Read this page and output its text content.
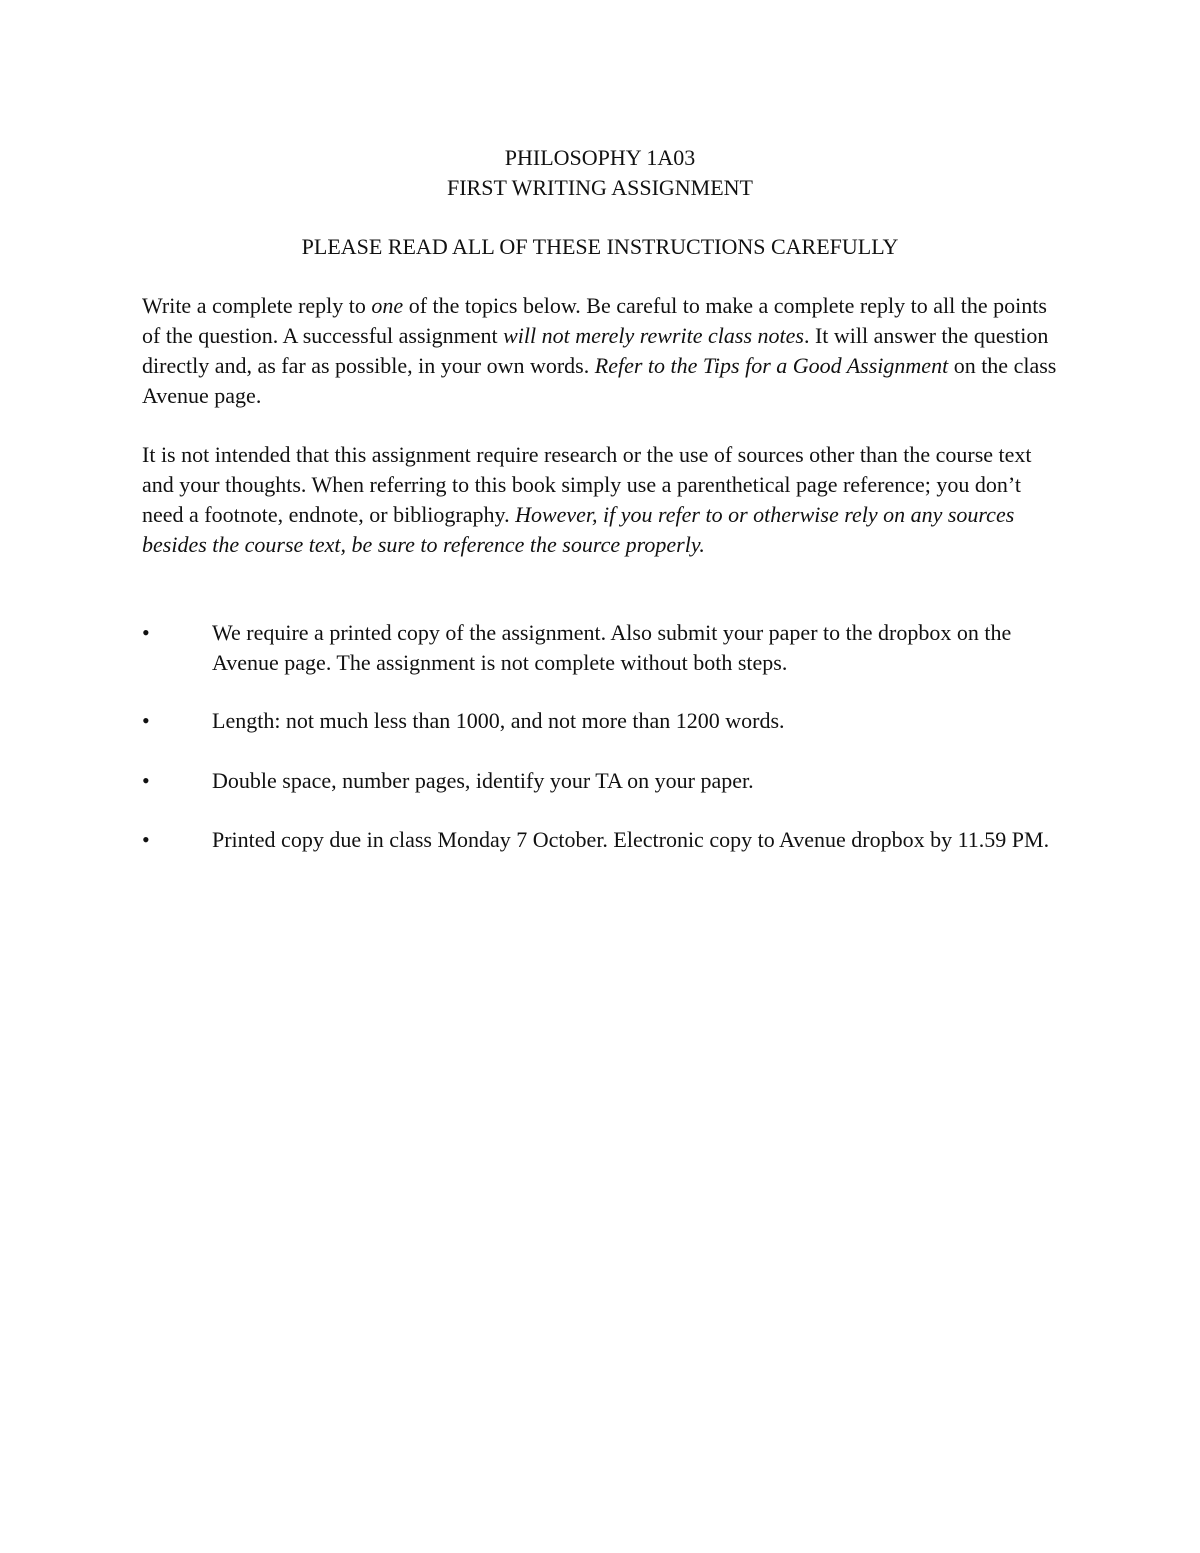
PHILOSOPHY 1A03
FIRST WRITING ASSIGNMENT
PLEASE READ ALL OF THESE INSTRUCTIONS CAREFULLY

Write a complete reply to one of the topics below. Be careful to make a complete reply to all the points of the question. A successful assignment will not merely rewrite class notes. It will answer the question directly and, as far as possible, in your own words. Refer to the Tips for a Good Assignment on the class Avenue page.

It is not intended that this assignment require research or the use of sources other than the course text and your thoughts. When referring to this book simply use a parenthetical page reference; you don’t need a footnote, endnote, or bibliography. However, if you refer to or otherwise rely on any sources besides the course text, be sure to reference the source properly.

•	We require a printed copy of the assignment. Also submit your paper to the dropbox on the Avenue page. The assignment is not complete without both steps.
•	Length: not much less than 1000, and not more than 1200 words.
•	Double space, number pages, identify your TA on your paper.
•	Printed copy due in class Monday 7 October. Electronic copy to Avenue dropbox by 11.59 PM.
